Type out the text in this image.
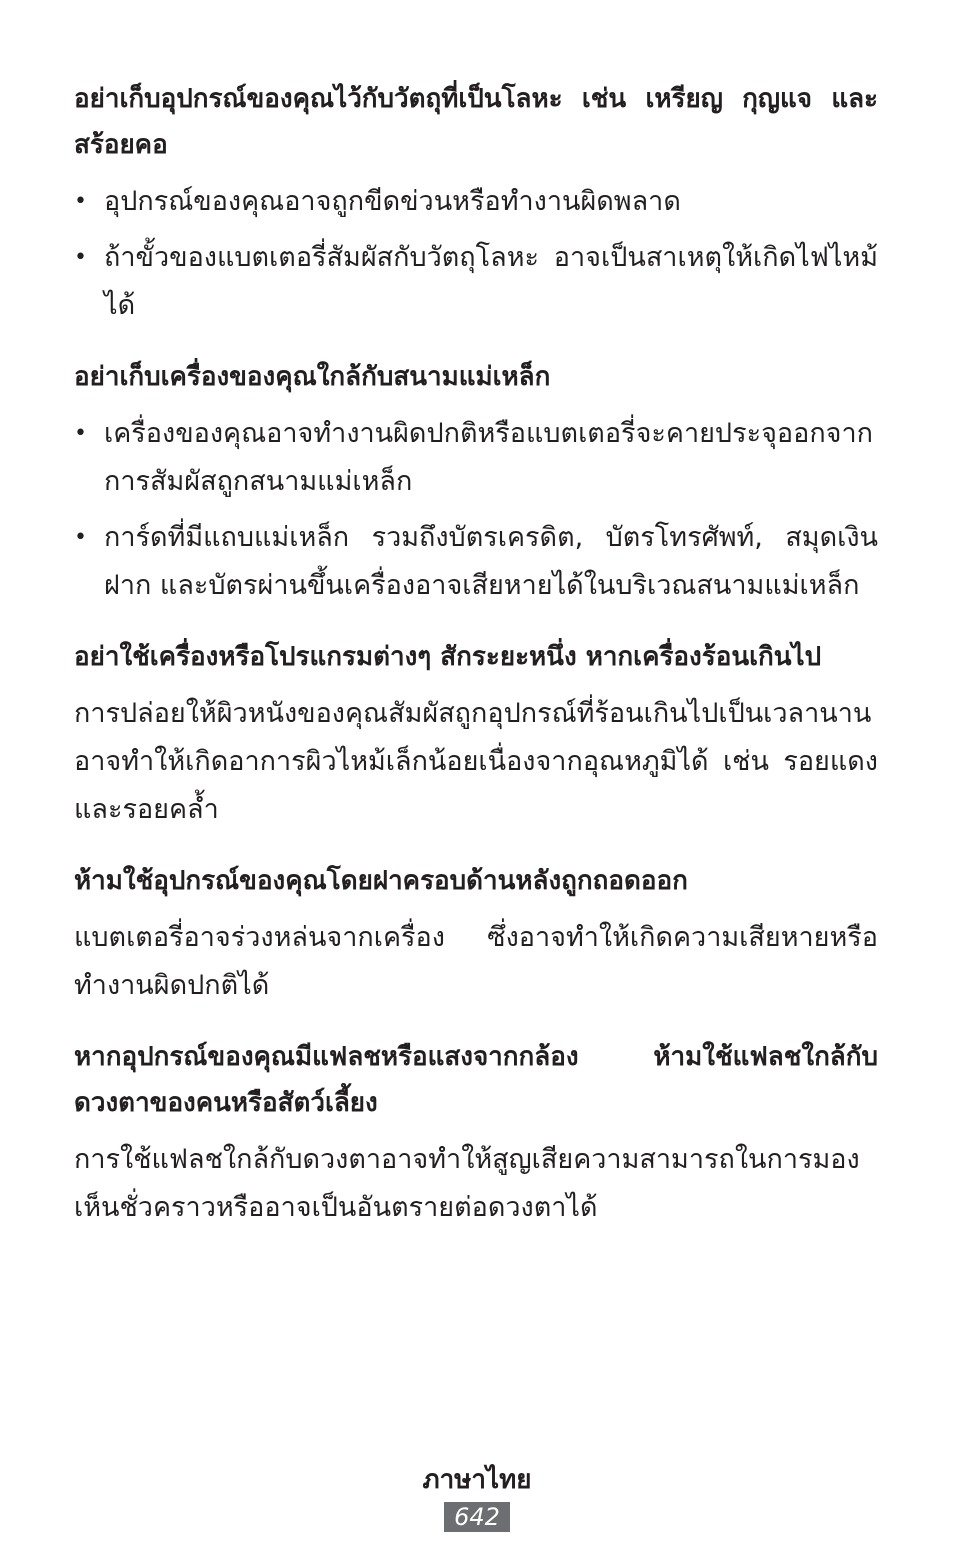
อย่าเก็บอุปกรณ์ของคุณไว้กับวัตถุที่เป็นโลหะ เช่น เหรียญ กุญแจ และสร้อยคอ

• อุปกรณ์ของคุณอาจถูกขีดข่วนหรือทำงานผิดพลาด
• ถ้าขั้วของแบตเตอรี่สัมผัสกับวัตถุโลหะ อาจเป็นสาเหตุให้เกิดไฟไหม้ได้

อย่าเก็บเครื่องของคุณใกล้กับสนามแม่เหล็ก

• เครื่องของคุณอาจทำงานผิดปกติหรือแบตเตอรี่จะคายประจุออกจากการสัมผัสถูกสนามแม่เหล็ก
• การ์ดที่มีแถบแม่เหล็ก รวมถึงบัตรเครดิต, บัตรโทรศัพท์, สมุดเงินฝาก และบัตรผ่านขึ้นเครื่องอาจเสียหายได้ในบริเวณสนามแม่เหล็ก

อย่าใช้เครื่องหรือโปรแกรมต่างๆ สักระยะหนึ่ง หากเครื่องร้อนเกินไป

การปล่อยให้ผิวหนังของคุณสัมผัสถูกอุปกรณ์ที่ร้อนเกินไปเป็นเวลานานอาจทำให้เกิดอาการผิวไหม้เล็กน้อยเนื่องจากอุณหภูมิได้ เช่น รอยแดงและรอยคล้ำ

ห้ามใช้อุปกรณ์ของคุณโดยฝาครอบด้านหลังถูกถอดออก

แบตเตอรี่อาจร่วงหล่นจากเครื่อง ซึ่งอาจทำให้เกิดความเสียหายหรือทำงานผิดปกติได้

หากอุปกรณ์ของคุณมีแฟลชหรือแสงจากกล้อง ห้ามใช้แฟลชใกล้กับดวงตาของคนหรือสัตว์เลี้ยง

การใช้แฟลชใกล้กับดวงตาอาจทำให้สูญเสียความสามารถในการมองเห็นชั่วคราวหรืออาจเป็นอันตรายต่อดวงตาได้

ภาษาไทย
642
